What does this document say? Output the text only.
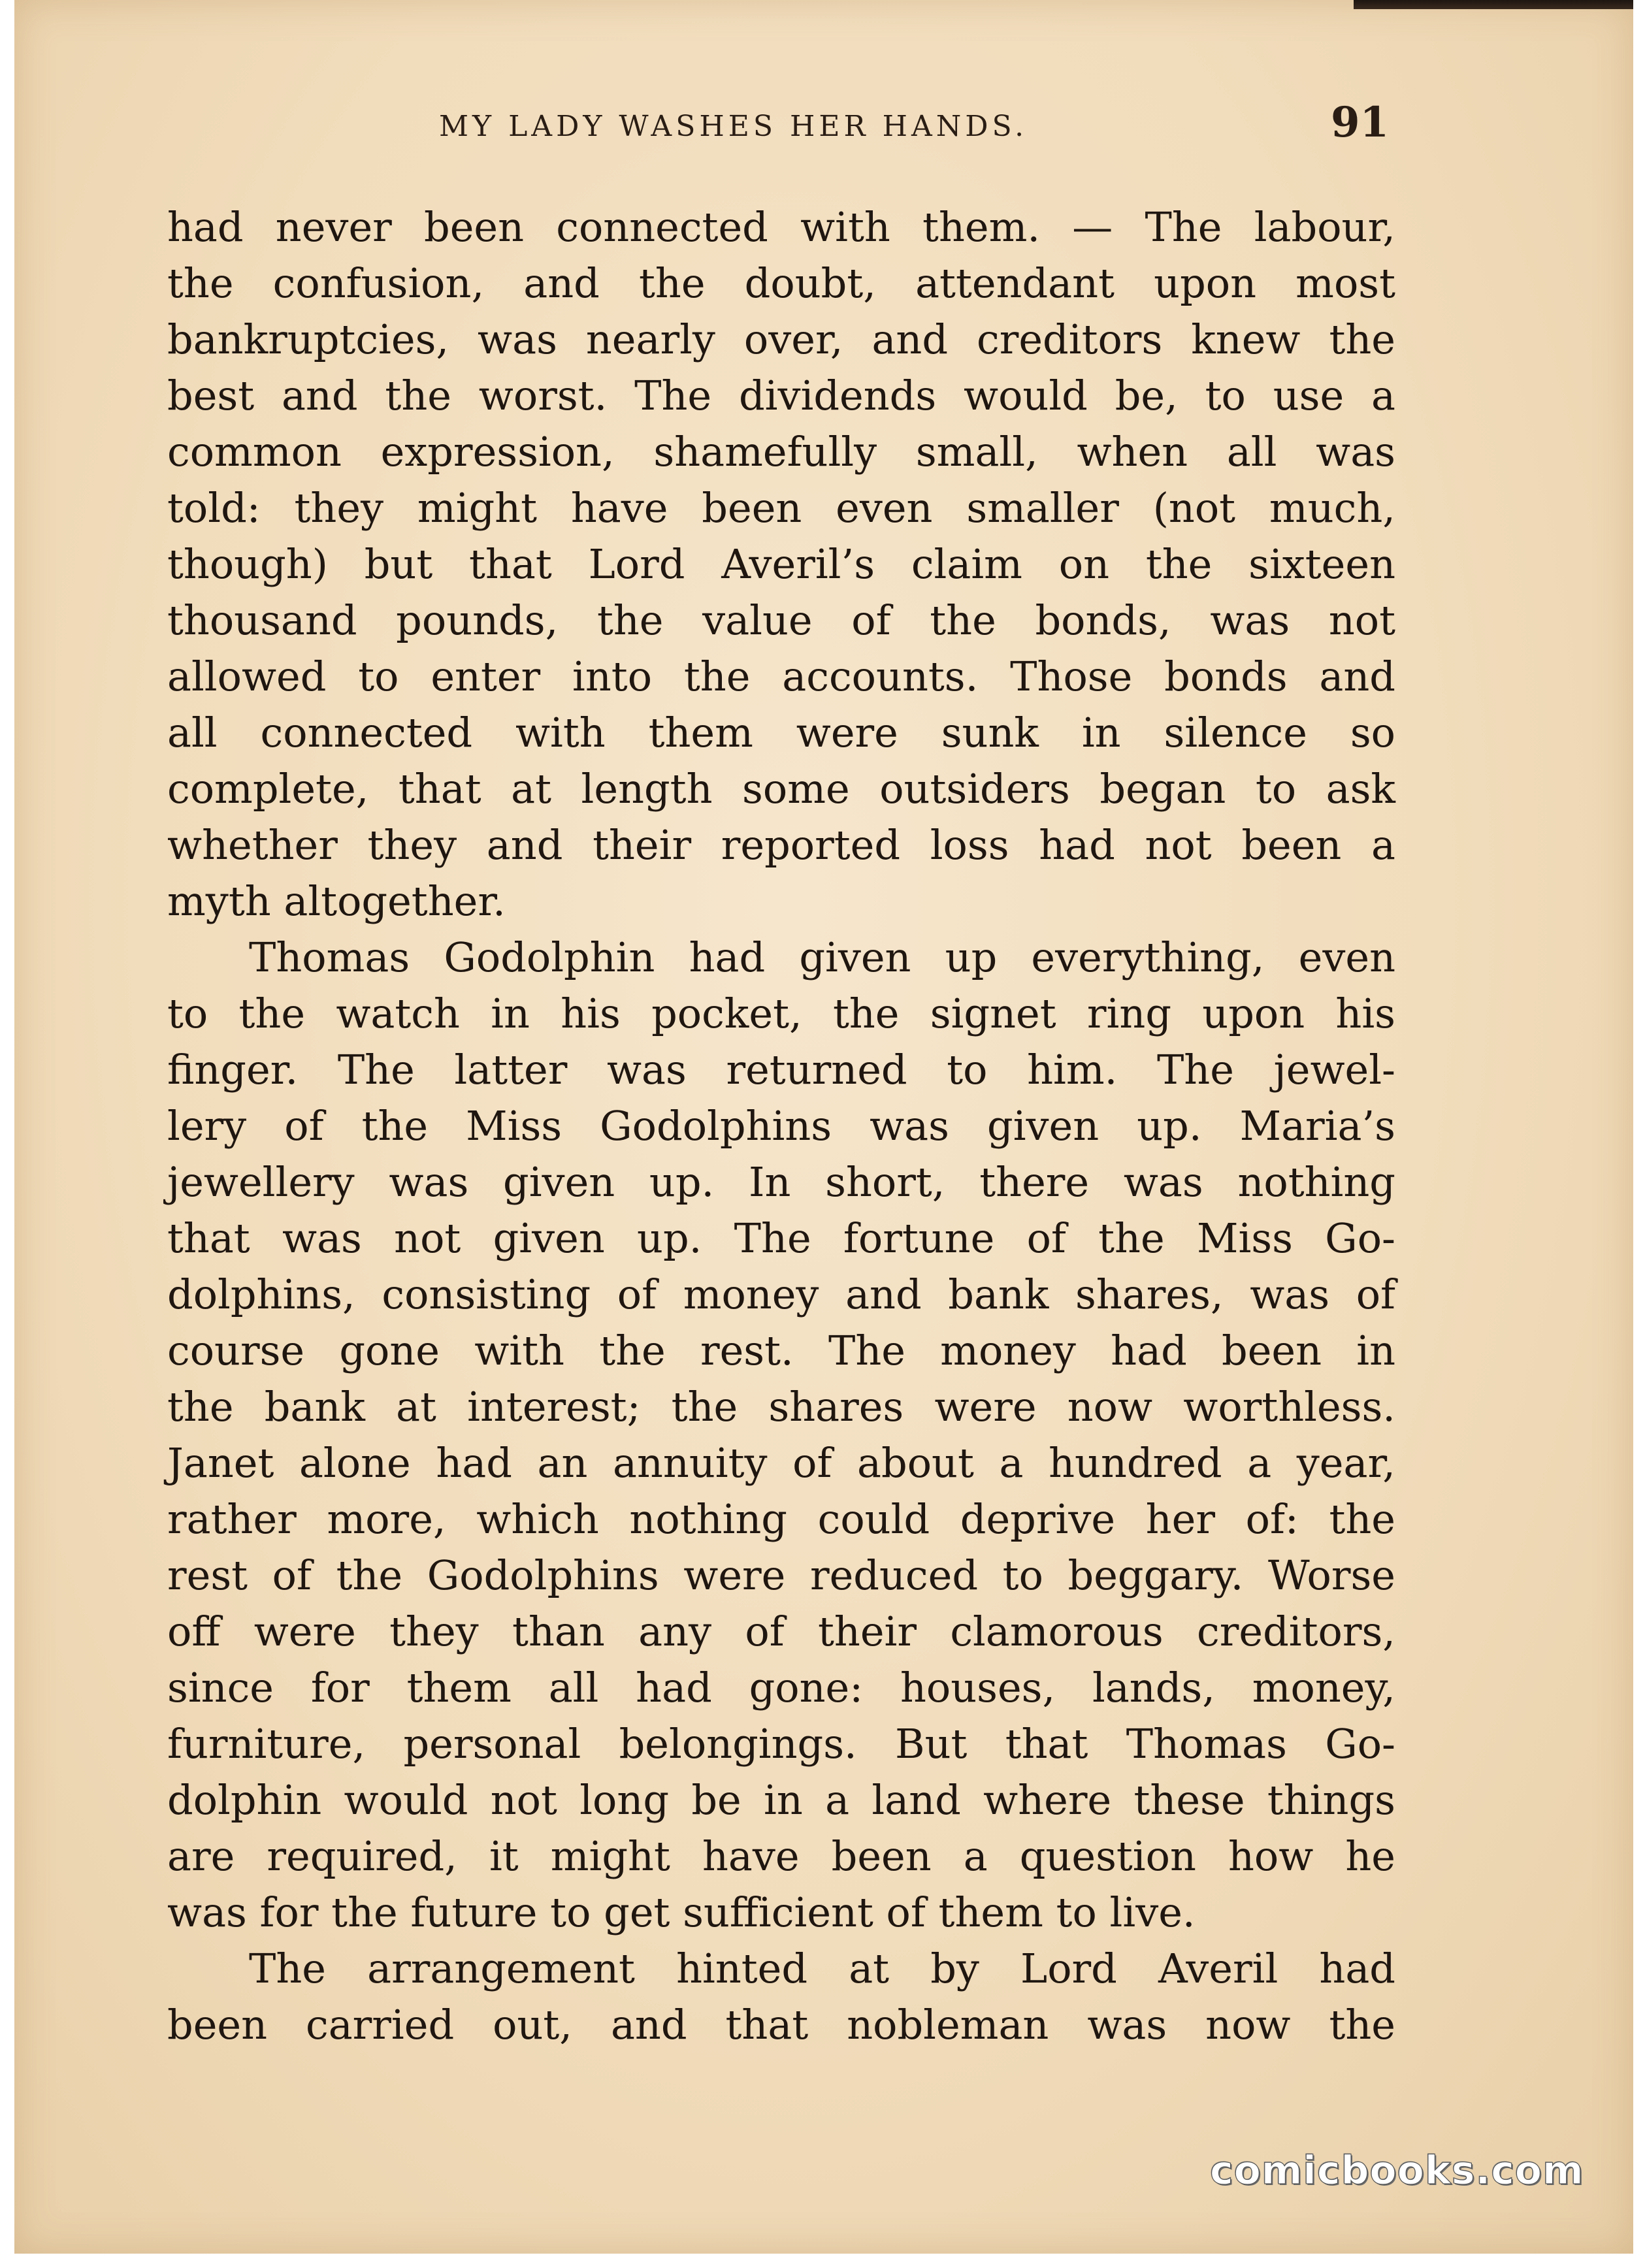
MY LADY WASHES HER HANDS.	91
had never been connected with them. — The labour,
the confusion, and the doubt, attendant upon most
bankruptcies, was nearly over, and creditors knew the
best and the worst. The dividends would be, to use a
common expression, shamefully small, when all was
told: they might have been even smaller (not much,
though) but that Lord Averil’s claim on the sixteen
thousand pounds, the value of the bonds, was not
allowed to enter into the accounts. Those bonds and
all connected with them were sunk in silence so
complete, that at length some outsiders began to ask
whether they and their reported loss had not been a
myth altogether.
Thomas Godolphin had given up everything, even
to the watch in his pocket, the signet ring upon his
finger. The latter was returned to him. The jewel-
lery of the Miss Godolphins was given up. Maria’s
jewellery was given up. In short, there was nothing
that was not given up. The fortune of the Miss Go-
dolphins, consisting of money and bank shares, was of
course gone with the rest. The money had been in
the bank at interest; the shares were now worthless.
Janet alone had an annuity of about a hundred a year,
rather more, which nothing could deprive her of: the
rest of the Godolphins were reduced to beggary. Worse
off were they than any of their clamorous creditors,
since for them all had gone: houses, lands, money,
furniture, personal belongings. But that Thomas Go-
dolphin would not long be in a land where these things
are required, it might have been a question how he
was for the future to get sufficient of them to live.
The arrangement hinted at by Lord Averil had
been carried out, and that nobleman was now the
comicbooks.com
